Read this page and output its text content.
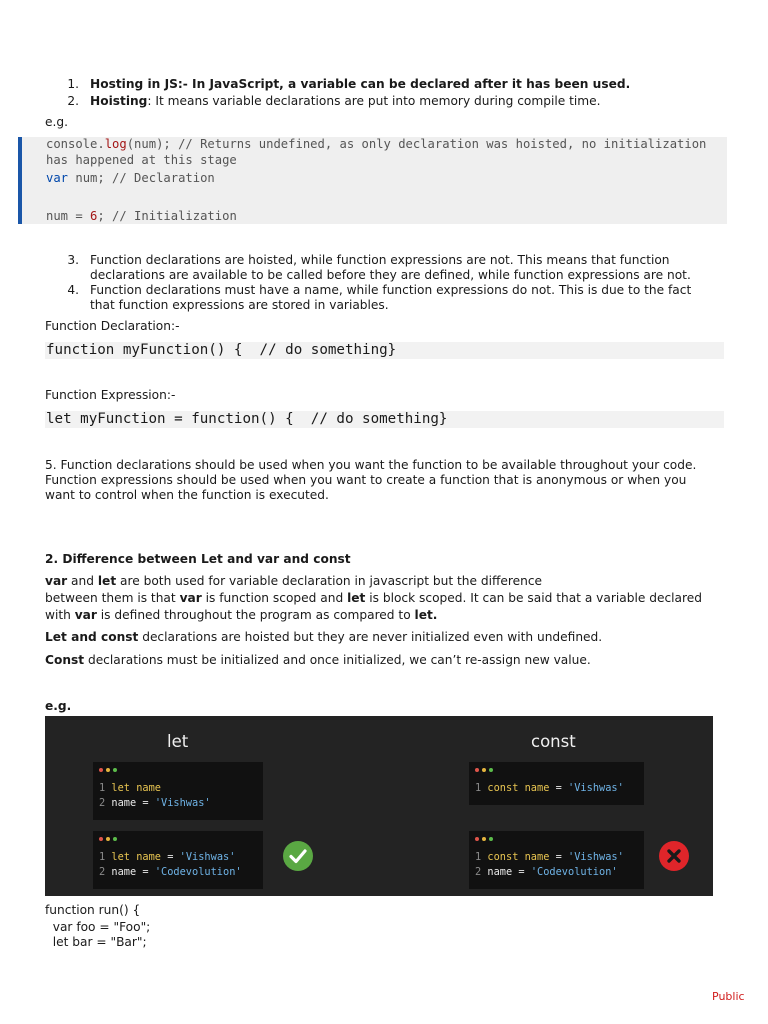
1. Hosting in JS:- In JavaScript, a variable can be declared after it has been used.
2. Hoisting: It means variable declarations are put into memory during compile time.
e.g.
console.log(num); // Returns undefined, as only declaration was hoisted, no initialization
has happened at this stage
var num; // Declaration
num = 6; // Initialization
3. Function declarations are hoisted, while function expressions are not. This means that function
declarations are available to be called before they are defined, while function expressions are not.
4. Function declarations must have a name, while function expressions do not. This is due to the fact
that function expressions are stored in variables.
Function Declaration:-
function myFunction() {  // do something}
Function Expression:-
let myFunction = function() {  // do something}
5. Function declarations should be used when you want the function to be available throughout your code.
Function expressions should be used when you want to create a function that is anonymous or when you
want to control when the function is executed.
2. Difference between Let and var and const
var and let are both used for variable declaration in javascript but the difference
between them is that var is function scoped and let is block scoped. It can be said that a variable declared
with var is defined throughout the program as compared to let.
Let and const declarations are hoisted but they are never initialized even with undefined.
Const declarations must be initialized and once initialized, we can’t re-assign new value.
e.g.
let	const
1 let name
2 name = 'Vishwas'
1 let name = 'Vishwas'
2 name = 'Codevolution'
1 const name = 'Vishwas'
1 const name = 'Vishwas'
2 name = 'Codevolution'
function run() {
var foo = "Foo";
let bar = "Bar";
Public
